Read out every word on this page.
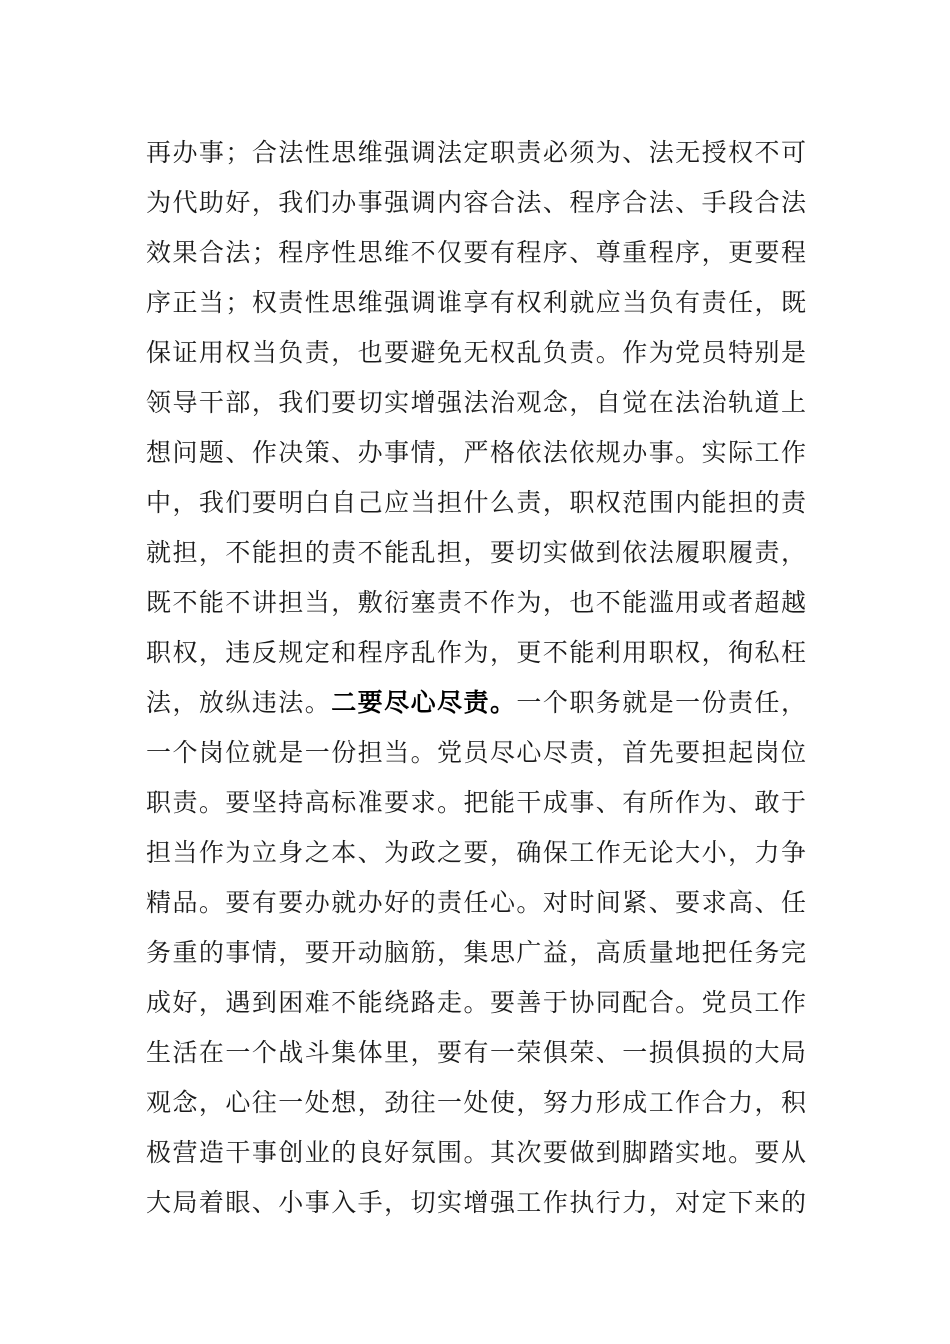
再办事；合法性思维强调法定职责必须为、法无授权不可
为代助好，我们办事强调内容合法、程序合法、手段合法
效果合法；程序性思维不仅要有程序、尊重程序，更要程
序正当；权责性思维强调谁享有权利就应当负有责任，既
保证用权当负责，也要避免无权乱负责。作为党员特别是
领导干部，我们要切实增强法治观念，自觉在法治轨道上
想问题、作决策、办事情，严格依法依规办事。实际工作
中，我们要明白自己应当担什么责，职权范围内能担的责
就担，不能担的责不能乱担，要切实做到依法履职履责，
既不能不讲担当，敷衍塞责不作为，也不能滥用或者超越
职权，违反规定和程序乱作为，更不能利用职权，徇私枉
法，放纵违法。二要尽心尽责。一个职务就是一份责任，
一个岗位就是一份担当。党员尽心尽责，首先要担起岗位
职责。要坚持高标准要求。把能干成事、有所作为、敢于
担当作为立身之本、为政之要，确保工作无论大小，力争
精品。要有要办就办好的责任心。对时间紧、要求高、任
务重的事情，要开动脑筋，集思广益，高质量地把任务完
成好，遇到困难不能绕路走。要善于协同配合。党员工作
生活在一个战斗集体里，要有一荣俱荣、一损俱损的大局
观念，心往一处想，劲往一处使，努力形成工作合力，积
极营造干事创业的良好氛围。其次要做到脚踏实地。要从
大局着眼、小事入手，切实增强工作执行力，对定下来的
